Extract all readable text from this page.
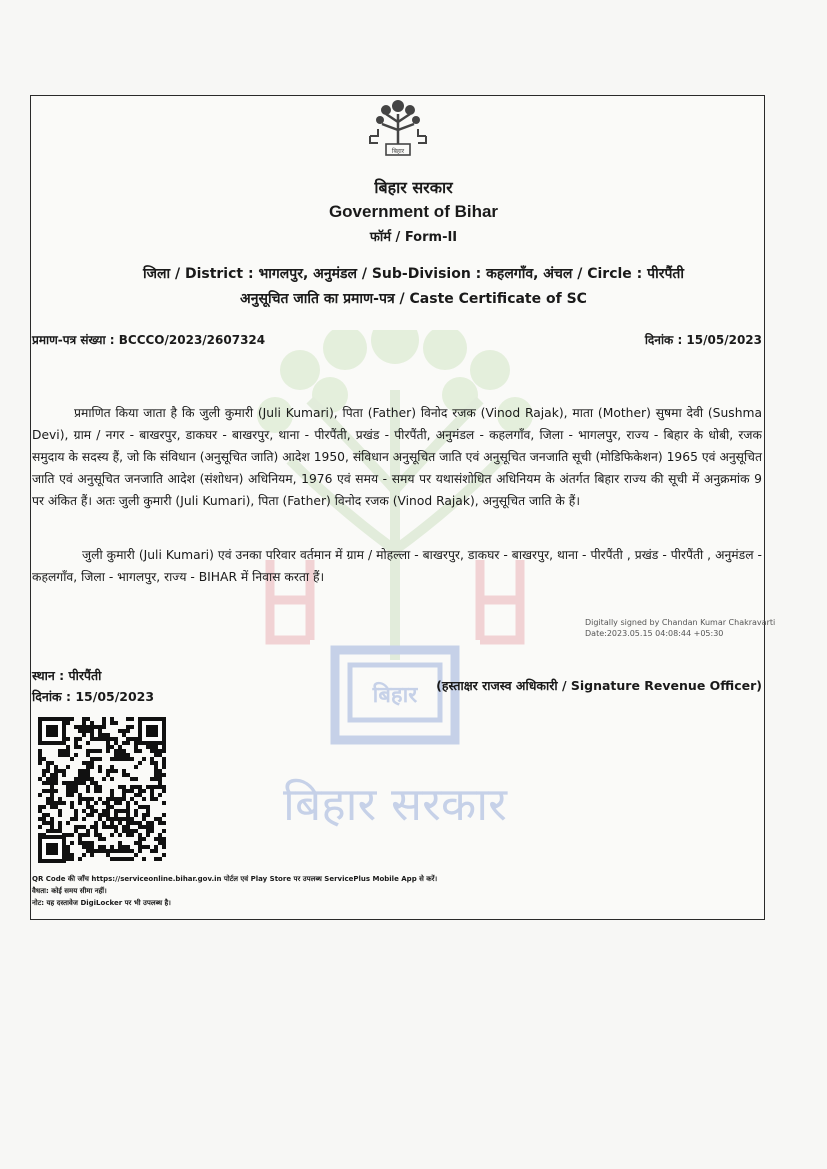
बिहार
बिहार सरकार
बिहार
बिहार सरकार
Government of Bihar
फॉर्म / Form-II
जिला / District : भागलपुर, अनुमंडल / Sub-Division : कहलगाँव, अंचल / Circle : पीरपैंती
अनुसूचित जाति का प्रमाण-पत्र / Caste Certificate of SC
प्रमाण-पत्र संख्या : BCCCO/2023/2607324	दिनांक : 15/05/2023
प्रमाणित किया जाता है कि जुली कुमारी (Juli Kumari), पिता (Father) विनोद रजक (Vinod Rajak), माता (Mother) सुषमा देवी (Sushma Devi), ग्राम / नगर - बाखरपुर, डाकघर - बाखरपुर, थाना - पीरपैंती, प्रखंड - पीरपैंती, अनुमंडल - कहलगाँव, जिला - भागलपुर, राज्य - बिहार के धोबी, रजक समुदाय के सदस्य हैं, जो कि संविधान (अनुसूचित जाति) आदेश 1950, संविधान अनुसूचित जाति एवं अनुसूचित जनजाति सूची (मोडिफिकेशन) 1965 एवं अनुसूचित जाति एवं अनुसूचित जनजाति आदेश (संशोधन) अधिनियम, 1976 एवं समय - समय पर यथासंशोधित अधिनियम के अंतर्गत बिहार राज्य की सूची में अनुक्रमांक 9 पर अंकित हैं। अतः जुली कुमारी (Juli Kumari), पिता (Father) विनोद रजक (Vinod Rajak), अनुसूचित जाति के हैं।
जुली कुमारी (Juli Kumari) एवं उनका परिवार वर्तमान में ग्राम / मोहल्ला - बाखरपुर, डाकघर - बाखरपुर, थाना - पीरपैंती , प्रखंड - पीरपैंती , अनुमंडल - कहलगाँव, जिला - भागलपुर, राज्य - BIHAR में निवास करता हैं।
Digitally signed by Chandan Kumar Chakravarti
Date:2023.05.15 04:08:44 +05:30
स्थान : पीरपैंती
दिनांक : 15/05/2023
(हस्ताक्षर राजस्व अधिकारी / Signature Revenue Officer)
QR Code की जाँच https://serviceonline.bihar.gov.in पोर्टल एवं Play Store पर उपलब्ध ServicePlus Mobile App से करें।
वैधता: कोई समय सीमा नहीं।
नोट: यह दस्तावेज DigiLocker पर भी उपलब्ध है।
